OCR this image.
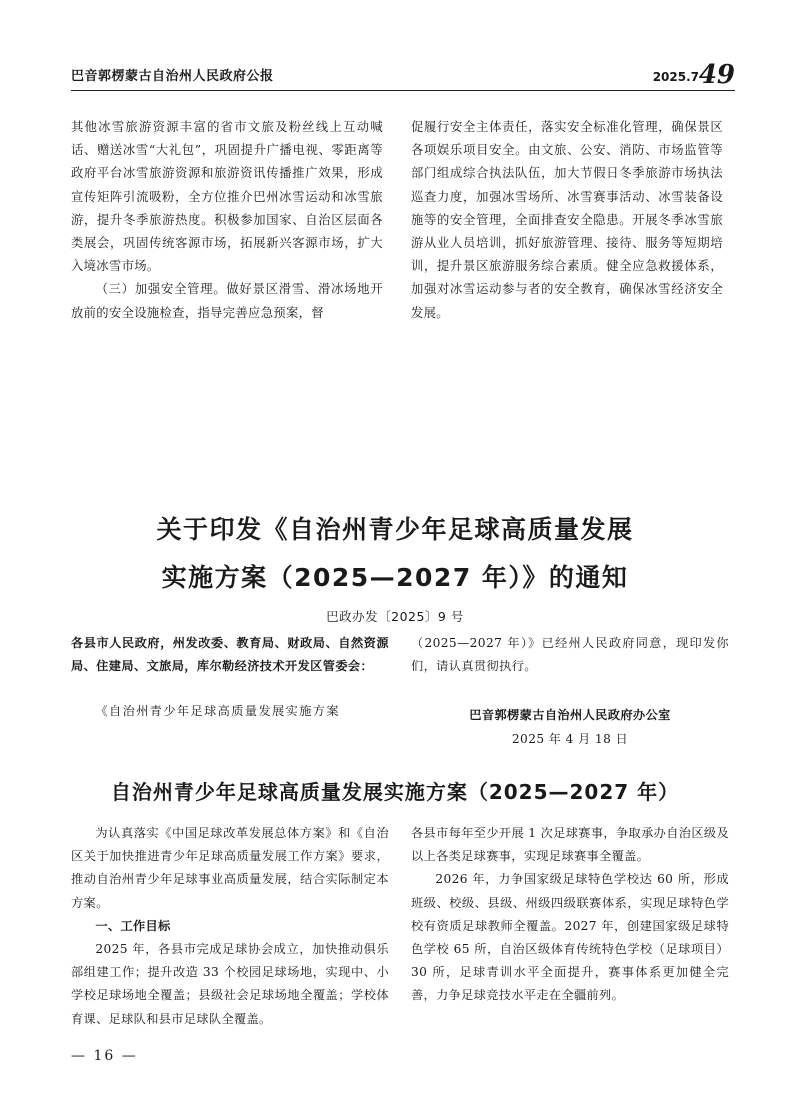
巴音郭楞蒙古自治州人民政府公报	2025.7 49

其他冰雪旅游资源丰富的省市文旅及粉丝线上互动喊话、赠送冰雪“大礼包”，巩固提升广播电视、零距离等政府平台冰雪旅游资源和旅游资讯传播推广效果，形成宣传矩阵引流吸粉，全方位推介巴州冰雪运动和冰雪旅游，提升冬季旅游热度。积极参加国家、自治区层面各类展会，巩固传统客源市场，拓展新兴客源市场，扩大入境冰雪市场。

（三）加强安全管理。做好景区滑雪、滑冰场地开放前的安全设施检查，指导完善应急预案，督

促履行安全主体责任，落实安全标准化管理，确保景区各项娱乐项目安全。由文旅、公安、消防、市场监管等部门组成综合执法队伍，加大节假日冬季旅游市场执法巡查力度，加强冰雪场所、冰雪赛事活动、冰雪装备设施等的安全管理，全面排查安全隐患。开展冬季冰雪旅游从业人员培训，抓好旅游管理、接待、服务等短期培训，提升景区旅游服务综合素质。健全应急救援体系，加强对冰雪运动参与者的安全教育，确保冰雪经济安全发展。

关于印发《自治州青少年足球高质量发展
实施方案（2025—2027 年）》的通知
巴政办发〔2025〕9 号
各县市人民政府，州发改委、教育局、财政局、自然资源局、住建局、文旅局，库尔勒经济技术开发区管委会：
《自治州青少年足球高质量发展实施方案
（2025—2027 年）》已经州人民政府同意，现印发你们，请认真贯彻执行。
巴音郭楞蒙古自治州人民政府办公室
2025 年 4 月 18 日
自治州青少年足球高质量发展实施方案（2025—2027 年）

为认真落实《中国足球改革发展总体方案》和《自治区关于加快推进青少年足球高质量发展工作方案》要求，推动自治州青少年足球事业高质量发展，结合实际制定本方案。

一、工作目标

2025 年，各县市完成足球协会成立，加快推动俱乐部组建工作；提升改造 33 个校园足球场地，实现中、小学校足球场地全覆盖；县级社会足球场地全覆盖；学校体育课、足球队和县市足球队全覆盖。

各县市每年至少开展 1 次足球赛事，争取承办自治区级及以上各类足球赛事，实现足球赛事全覆盖。

2026 年，力争国家级足球特色学校达 60 所，形成班级、校级、县级、州级四级联赛体系，实现足球特色学校有资质足球教师全覆盖。2027 年，创建国家级足球特色学校 65 所，自治区级体育传统特色学校（足球项目）30 所，足球青训水平全面提升，赛事体系更加健全完善，力争足球竞技水平走在全疆前列。

— 16 —
